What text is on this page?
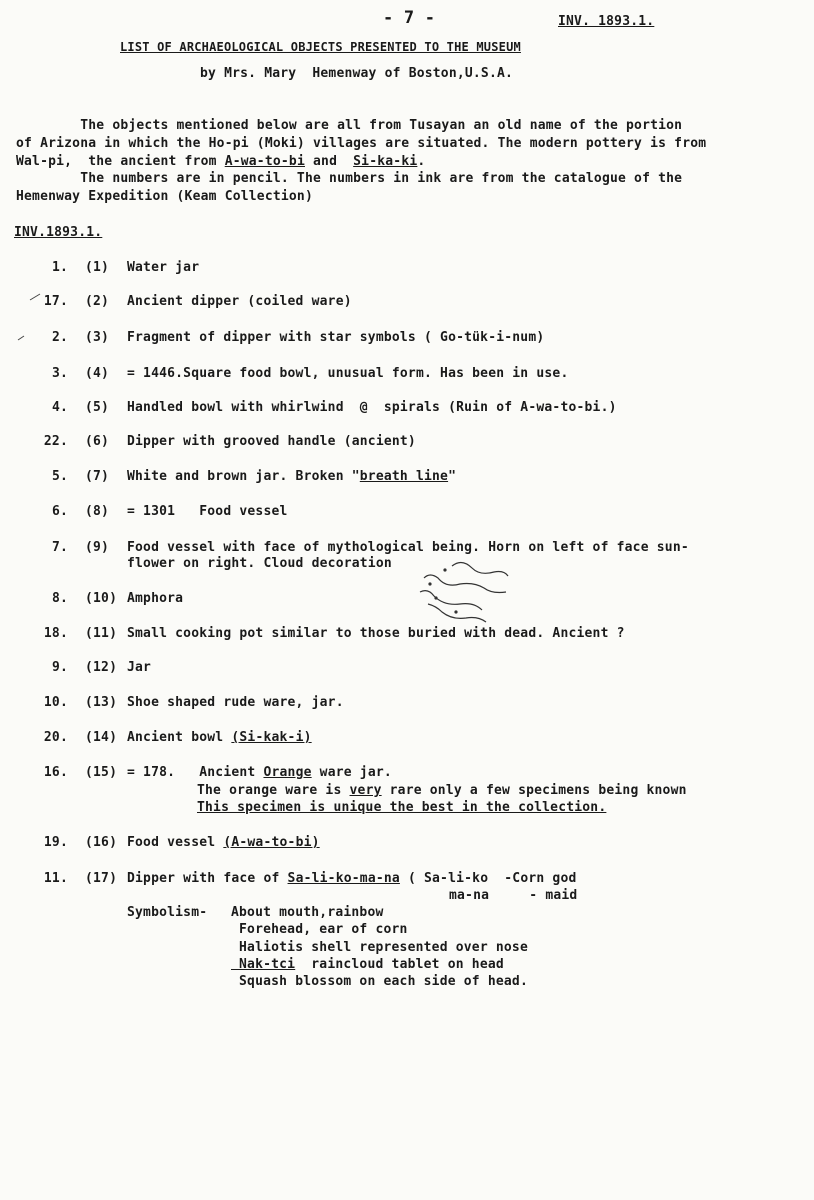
- 7 -	INV. 1893.1.
LIST OF ARCHAEOLOGICAL OBJECTS PRESENTED TO THE MUSEUM
by Mrs. Mary  Hemenway of Boston,U.S.A.
The objects mentioned below are all from Tusayan an old name of the portion
of Arizona in which the Ho-pi (Moki) villages are situated. The modern pottery is from
Wal-pi,  the ancient from A-wa-to-bi and  Si-ka-ki.
The numbers are in pencil. The numbers in ink are from the catalogue of the
Hemenway Expedition (Keam Collection)
INV.1893.1.
1. (1) Water jar
17. (2) Ancient dipper (coiled ware)
2. (3) Fragment of dipper with star symbols ( Go-tük-i-num)
3. (4) = 1446.Square food bowl, unusual form. Has been in use.
4. (5) Handled bowl with whirlwind  @  spirals (Ruin of A-wa-to-bi.)
22. (6) Dipper with grooved handle (ancient)
5. (7) White and brown jar. Broken "breath line"
6. (8) = 1301   Food vessel
7. (9) Food vessel with face of mythological being. Horn on left of face sun-
flower on right. Cloud decoration
8. (10) Amphora
18. (11) Small cooking pot similar to those buried with dead. Ancient ?
9. (12) Jar
10. (13) Shoe shaped rude ware, jar.
20. (14) Ancient bowl (Si-kak-i)
16. (15) = 178.   Ancient Orange ware jar.
The orange ware is very rare only a few specimens being known
This specimen is unique the best in the collection.
19. (16) Food vessel (A-wa-to-bi)
11. (17) Dipper with face of Sa-li-ko-ma-na ( Sa-li-ko  -Corn god
ma-na     - maid
Symbolism- About mouth,rainbow
Forehead, ear of corn
Haliotis shell represented over nose
Nak-tci  raincloud tablet on head
Squash blossom on each side of head.
